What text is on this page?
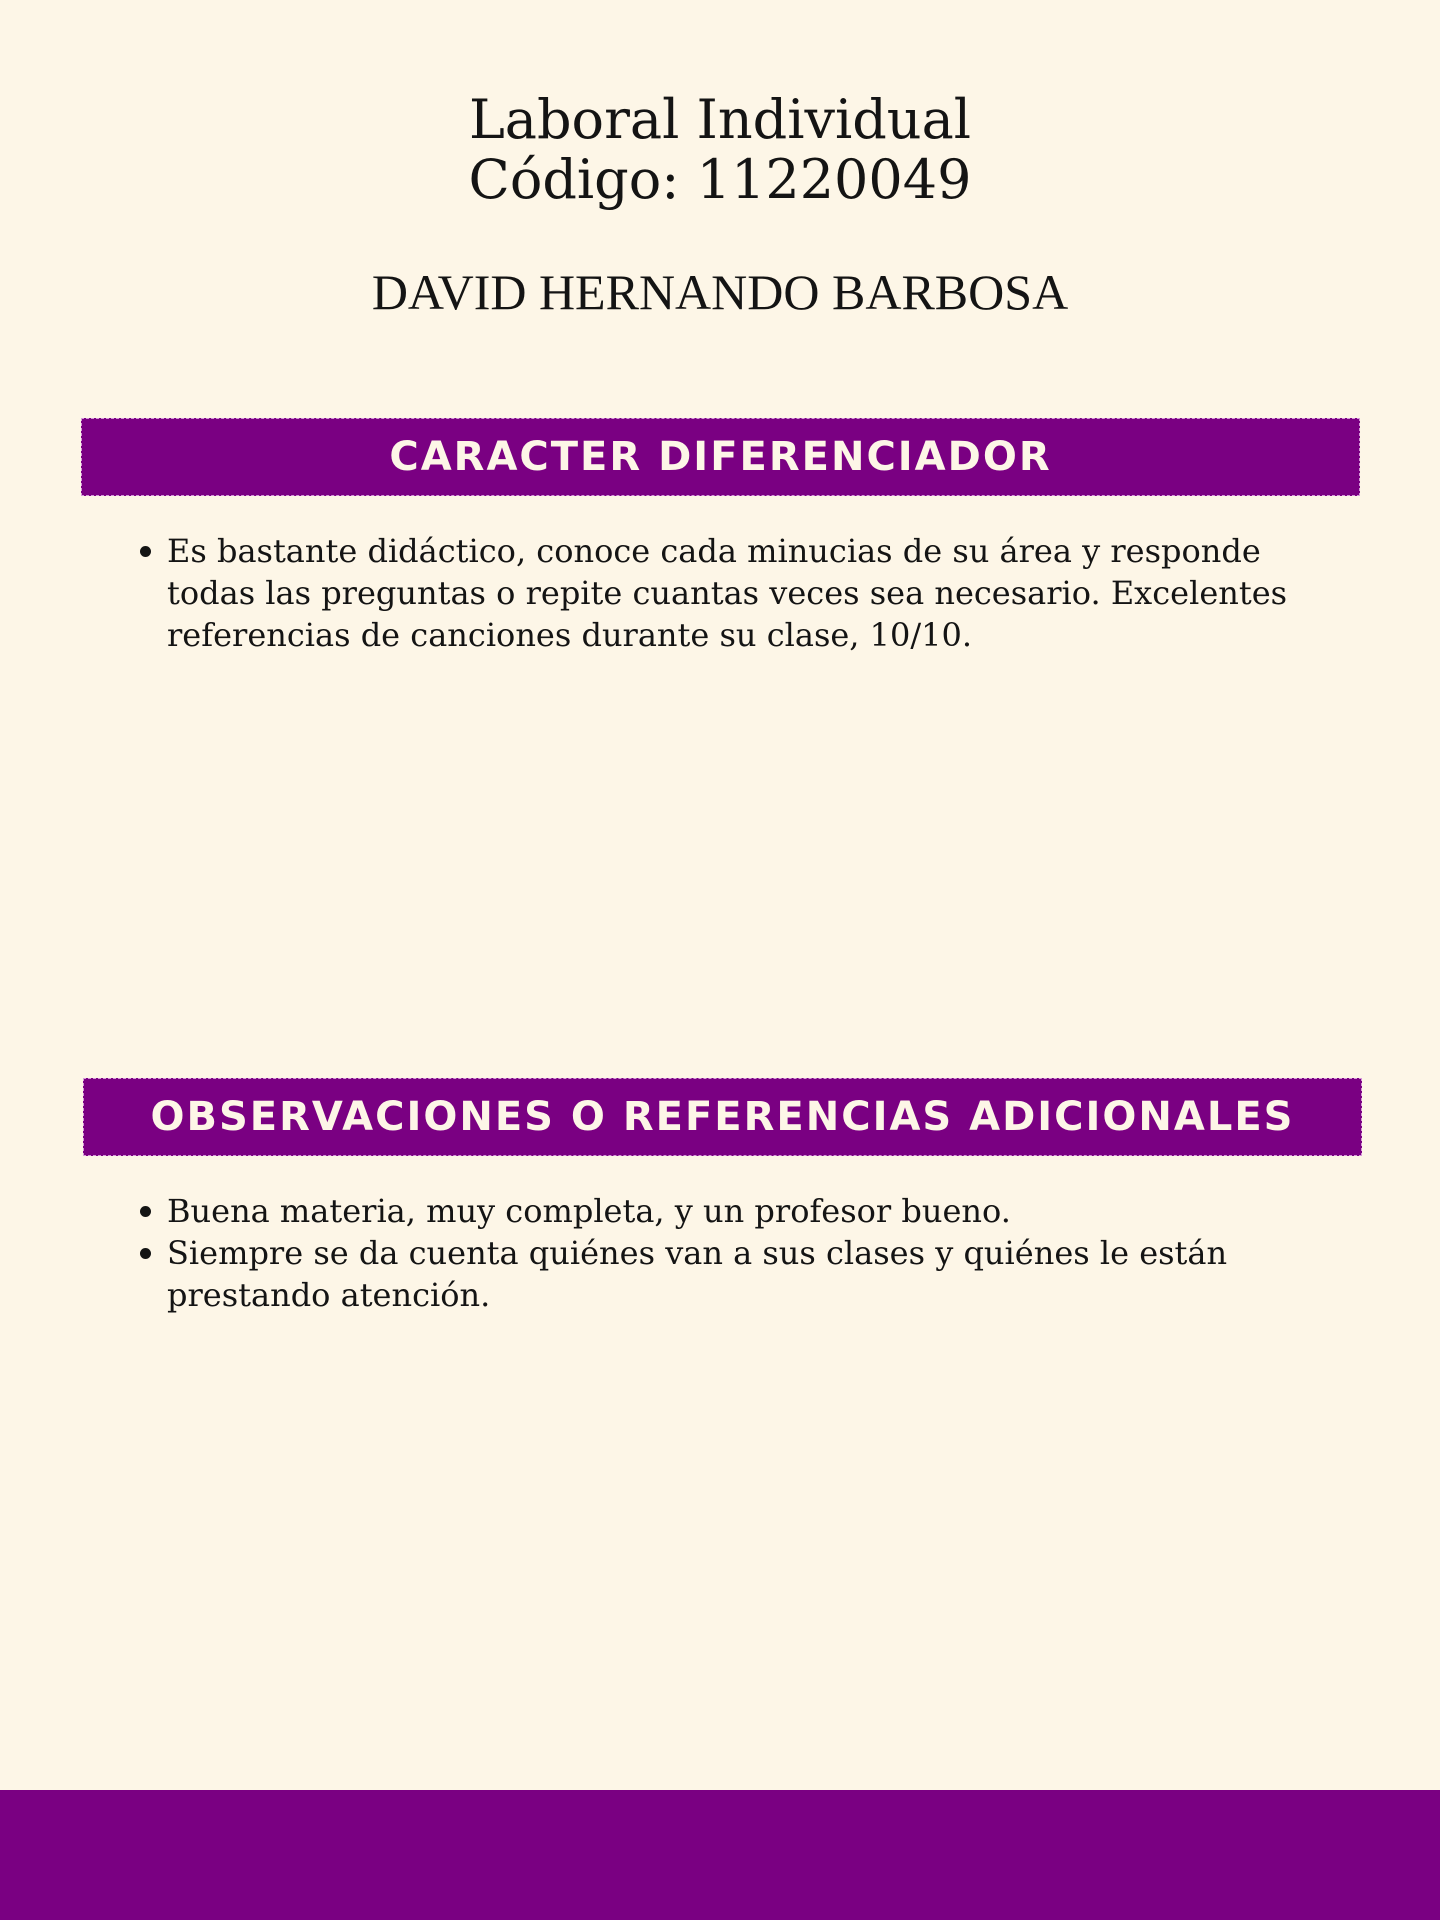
Laboral Individual
Código: 11220049
DAVID HERNANDO BARBOSA
CARACTER DIFERENCIADOR
Es bastante didáctico, conoce cada minucias de su área y responde todas las preguntas o repite cuantas veces sea necesario. Excelentes referencias de canciones durante su clase, 10/10.
OBSERVACIONES O REFERENCIAS ADICIONALES
Buena materia, muy completa, y un profesor bueno.
Siempre se da cuenta quiénes van a sus clases y quiénes le están prestando atención.
